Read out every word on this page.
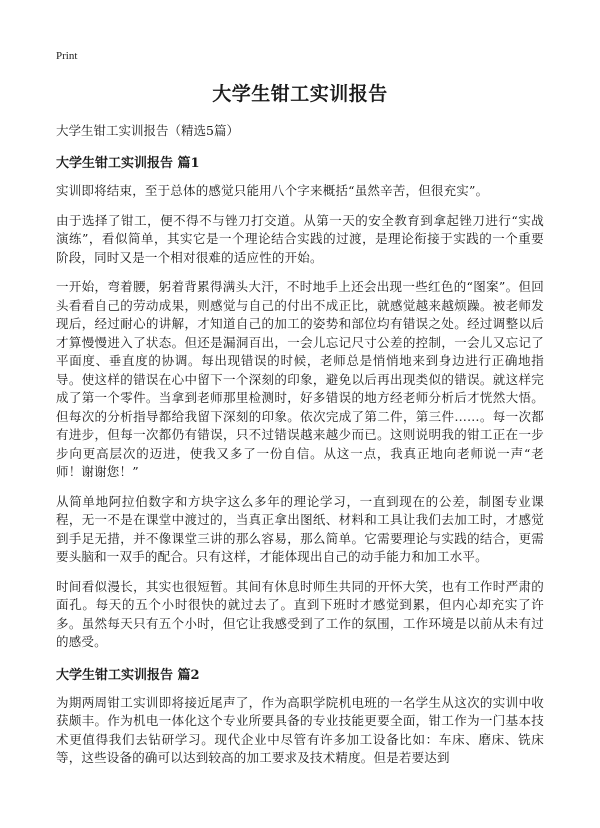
Print
大学生钳工实训报告
大学生钳工实训报告（精选5篇）
大学生钳工实训报告 篇1
实训即将结束，至于总体的感觉只能用八个字来概括“虽然辛苦，但很充实”。
由于选择了钳工，便不得不与锉刀打交道。从第一天的安全教育到拿起锉刀进行“实战演练”，看似简单，其实它是一个理论结合实践的过渡，是理论衔接于实践的一个重要阶段，同时又是一个相对很难的适应性的开始。
一开始，弯着腰，躬着背累得满头大汗，不时地手上还会出现一些红色的“图案”。但回头看看自己的劳动成果，则感觉与自己的付出不成正比，就感觉越来越烦躁。被老师发现后，经过耐心的讲解，才知道自己的加工的姿势和部位均有错误之处。经过调整以后才算慢慢进入了状态。但还是漏洞百出，一会儿忘记尺寸公差的控制，一会儿又忘记了平面度、垂直度的协调。每出现错误的时候，老师总是悄悄地来到身边进行正确地指导。使这样的错误在心中留下一个深刻的印象，避免以后再出现类似的错误。就这样完成了第一个零件。当拿到老师那里检测时，好多错误的地方经老师分析后才恍然大悟。但每次的分析指导都给我留下深刻的印象。依次完成了第二件，第三件……。每一次都有进步，但每一次都仍有错误，只不过错误越来越少而已。这则说明我的钳工正在一步步向更高层次的迈进，使我又多了一份自信。从这一点，我真正地向老师说一声“老师！谢谢您！”
从简单地阿拉伯数字和方块字这么多年的理论学习，一直到现在的公差，制图专业课程，无一不是在课堂中渡过的，当真正拿出图纸、材料和工具让我们去加工时，才感觉到手足无措，并不像课堂三讲的那么容易，那么简单。它需要理论与实践的结合，更需要头脑和一双手的配合。只有这样，才能体现出自己的动手能力和加工水平。
时间看似漫长，其实也很短暂。其间有休息时师生共同的开怀大笑，也有工作时严肃的面孔。每天的五个小时很快的就过去了。直到下班时才感觉到累，但内心却充实了许多。虽然每天只有五个小时，但它让我感受到了工作的氛围，工作环境是以前从未有过的感受。
大学生钳工实训报告 篇2
为期两周钳工实训即将接近尾声了，作为高职学院机电班的一名学生从这次的实训中收获颇丰。作为机电一体化这个专业所要具备的专业技能更要全面，钳工作为一门基本技术更值得我们去钻研学习。现代企业中尽管有许多加工设备比如：车床、磨床、铣床等，这些设备的确可以达到较高的加工要求及技术精度。但是若要达到
